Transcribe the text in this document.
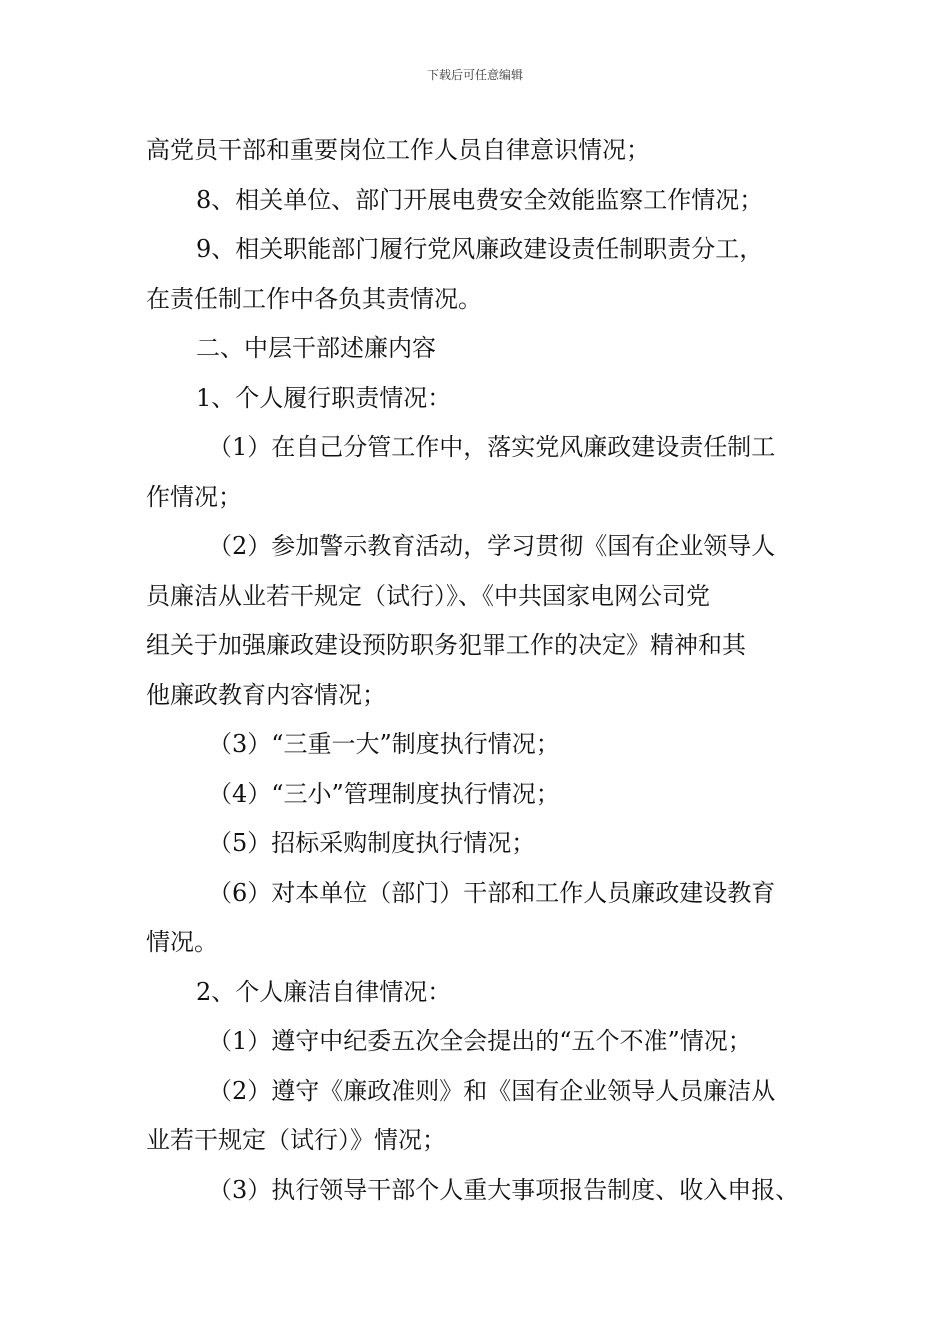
下载后可任意编辑
高党员干部和重要岗位工作人员自律意识情况；
8、相关单位、部门开展电费安全效能监察工作情况；
9、相关职能部门履行党风廉政建设责任制职责分工，
在责任制工作中各负其责情况。
二、中层干部述廉内容
1、个人履行职责情况：
（1）在自己分管工作中，落实党风廉政建设责任制工
作情况；
（2）参加警示教育活动，学习贯彻《国有企业领导人
员廉洁从业若干规定（试行）》、《中共国家电网公司党
组关于加强廉政建设预防职务犯罪工作的决定》精神和其
他廉政教育内容情况；
（3）“三重一大”制度执行情况；
（4）“三小”管理制度执行情况；
（5）招标采购制度执行情况；
（6）对本单位（部门）干部和工作人员廉政建设教育
情况。
2、个人廉洁自律情况：
（1）遵守中纪委五次全会提出的“五个不准”情况；
（2）遵守《廉政准则》和《国有企业领导人员廉洁从
业若干规定（试行）》情况；
（3）执行领导干部个人重大事项报告制度、收入申报、
